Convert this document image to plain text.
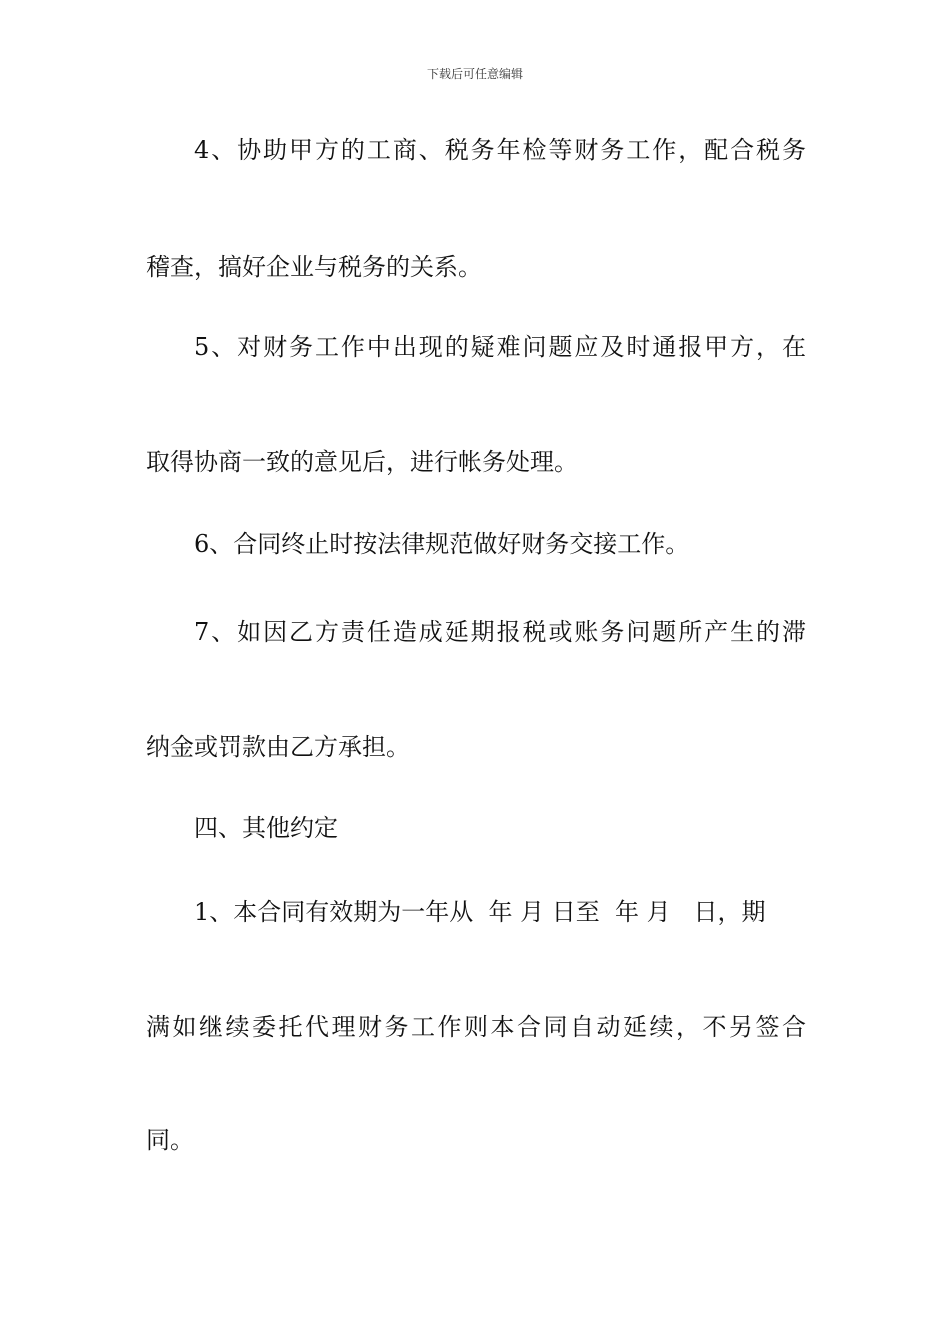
下载后可任意编辑
4、协助甲方的工商、税务年检等财务工作，配合税务
稽查，搞好企业与税务的关系。
5、对财务工作中出现的疑难问题应及时通报甲方，在
取得协商一致的意见后，进行帐务处理。
6、合同终止时按法律规范做好财务交接工作。
7、如因乙方责任造成延期报税或账务问题所产生的滞
纳金或罚款由乙方承担。
四、其他约定
1、本合同有效期为一年从  年 月 日至  年 月   日，期
满如继续委托代理财务工作则本合同自动延续，不另签合
同。
